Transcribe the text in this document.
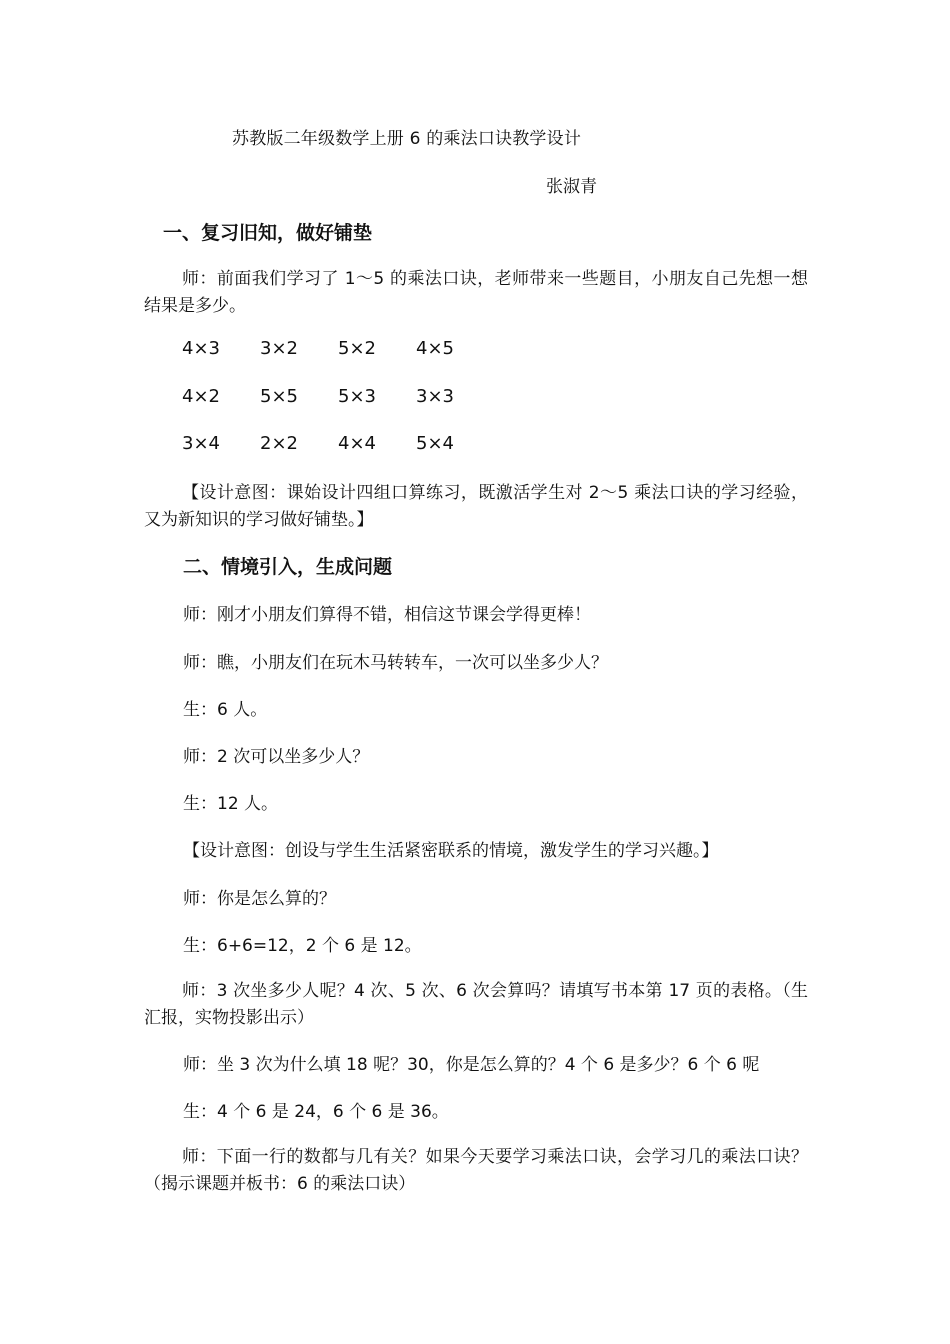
苏教版二年级数学上册 6 的乘法口诀教学设计
张淑青
一、复习旧知，做好铺垫
师：前面我们学习了 1～5 的乘法口诀，老师带来一些题目，小朋友自己先想一想结果是多少。
4×3 3×2 5×2 4×5
4×2 5×5 5×3 3×3
3×4 2×2 4×4 5×4
【设计意图：课始设计四组口算练习，既激活学生对 2～5 乘法口诀的学习经验，又为新知识的学习做好铺垫。】
二、情境引入，生成问题
师：刚才小朋友们算得不错，相信这节课会学得更棒！
师：瞧，小朋友们在玩木马转转车，一次可以坐多少人？
生：6 人。
师：2 次可以坐多少人？
生：12 人。
【设计意图：创设与学生生活紧密联系的情境，激发学生的学习兴趣。】
师：你是怎么算的？
生：6+6=12，2 个 6 是 12。
师：3 次坐多少人呢？4 次、5 次、6 次会算吗？请填写书本第 17 页的表格。（生汇报，实物投影出示）
师：坐 3 次为什么填 18 呢？30，你是怎么算的？4 个 6 是多少？6 个 6 呢
生：4 个 6 是 24，6 个 6 是 36。
师：下面一行的数都与几有关？如果今天要学习乘法口诀，会学习几的乘法口诀？（揭示课题并板书：6 的乘法口诀）
